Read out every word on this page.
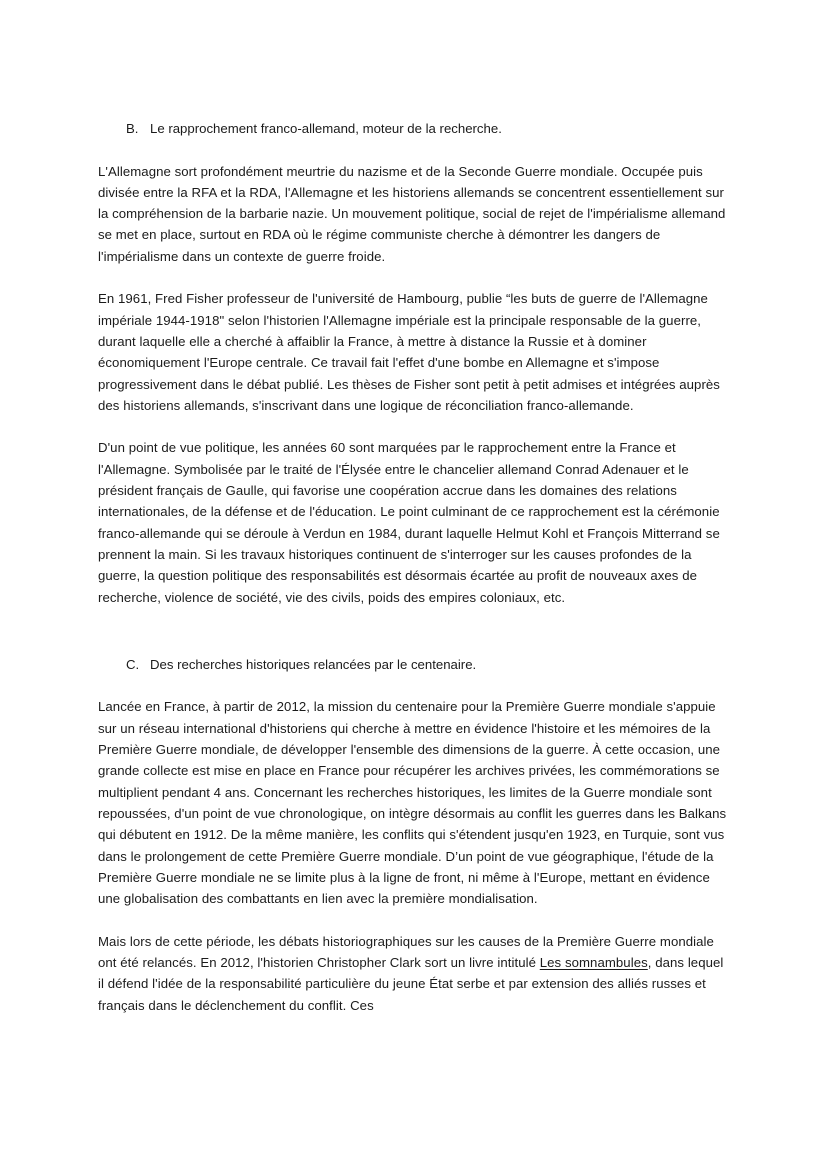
B. Le rapprochement franco-allemand, moteur de la recherche.

L'Allemagne sort profondément meurtrie du nazisme et de la Seconde Guerre mondiale. Occupée puis divisée entre la RFA et la RDA, l'Allemagne et les historiens allemands se concentrent essentiellement sur la compréhension de la barbarie nazie. Un mouvement politique, social de rejet de l'impérialisme allemand se met en place, surtout en RDA où le régime communiste cherche à démontrer les dangers de l'impérialisme dans un contexte de guerre froide.

En 1961, Fred Fisher professeur de l'université de Hambourg, publie “les buts de guerre de l'Allemagne impériale 1944-1918" selon l'historien l'Allemagne impériale est la principale responsable de la guerre, durant laquelle elle a cherché à affaiblir la France, à mettre à distance la Russie et à dominer économiquement l'Europe centrale. Ce travail fait l'effet d'une bombe en Allemagne et s'impose progressivement dans le débat publié. Les thèses de Fisher sont petit à petit admises et intégrées auprès des historiens allemands, s'inscrivant dans une logique de réconciliation franco-allemande.

D'un point de vue politique, les années 60 sont marquées par le rapprochement entre la France et l'Allemagne. Symbolisée par le traité de l'Élysée entre le chancelier allemand Conrad Adenauer et le président français de Gaulle, qui favorise une coopération accrue dans les domaines des relations internationales, de la défense et de l'éducation. Le point culminant de ce rapprochement est la cérémonie franco-allemande qui se déroule à Verdun en 1984, durant laquelle Helmut Kohl et François Mitterrand se prennent la main. Si les travaux historiques continuent de s'interroger sur les causes profondes de la guerre, la question politique des responsabilités est désormais écartée au profit de nouveaux axes de recherche, violence de société, vie des civils, poids des empires coloniaux, etc.

C. Des recherches historiques relancées par le centenaire.

Lancée en France, à partir de 2012, la mission du centenaire pour la Première Guerre mondiale s'appuie sur un réseau international d'historiens qui cherche à mettre en évidence l'histoire et les mémoires de la Première Guerre mondiale, de développer l'ensemble des dimensions de la guerre. À cette occasion, une grande collecte est mise en place en France pour récupérer les archives privées, les commémorations se multiplient pendant 4 ans. Concernant les recherches historiques, les limites de la Guerre mondiale sont repoussées, d'un point de vue chronologique, on intègre désormais au conflit les guerres dans les Balkans qui débutent en 1912. De la même manière, les conflits qui s'étendent jusqu'en 1923, en Turquie, sont vus dans le prolongement de cette Première Guerre mondiale. D’un point de vue géographique, l'étude de la Première Guerre mondiale ne se limite plus à la ligne de front, ni même à l'Europe, mettant en évidence une globalisation des combattants en lien avec la première mondialisation.

Mais lors de cette période, les débats historiographiques sur les causes de la Première Guerre mondiale ont été relancés. En 2012, l'historien Christopher Clark sort un livre intitulé Les somnambules, dans lequel il défend l'idée de la responsabilité particulière du jeune État serbe et par extension des alliés russes et français dans le déclenchement du conflit. Ces
